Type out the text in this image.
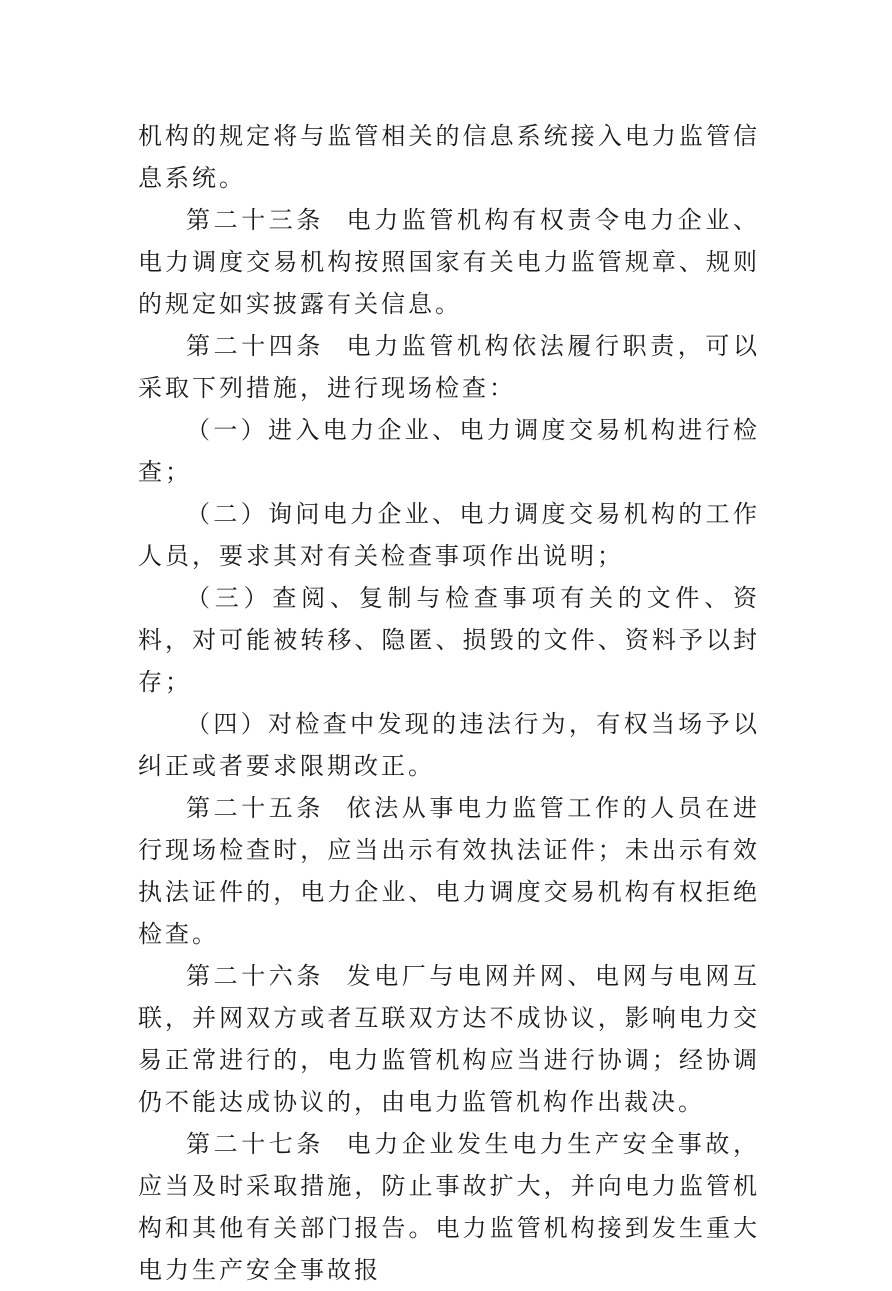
机构的规定将与监管相关的信息系统接入电力监管信息系统。

第二十三条 电力监管机构有权责令电力企业、电力调度交易机构按照国家有关电力监管规章、规则的规定如实披露有关信息。

第二十四条 电力监管机构依法履行职责，可以采取下列措施，进行现场检查：

（一）进入电力企业、电力调度交易机构进行检查；

（二）询问电力企业、电力调度交易机构的工作人员，要求其对有关检查事项作出说明；

（三）查阅、复制与检查事项有关的文件、资料，对可能被转移、隐匿、损毁的文件、资料予以封存；

（四）对检查中发现的违法行为，有权当场予以纠正或者要求限期改正。

第二十五条 依法从事电力监管工作的人员在进行现场检查时，应当出示有效执法证件；未出示有效执法证件的，电力企业、电力调度交易机构有权拒绝检查。

第二十六条 发电厂与电网并网、电网与电网互联，并网双方或者互联双方达不成协议，影响电力交易正常进行的，电力监管机构应当进行协调；经协调仍不能达成协议的，由电力监管机构作出裁决。

第二十七条 电力企业发生电力生产安全事故，应当及时采取措施，防止事故扩大，并向电力监管机构和其他有关部门报告。电力监管机构接到发生重大电力生产安全事故报
